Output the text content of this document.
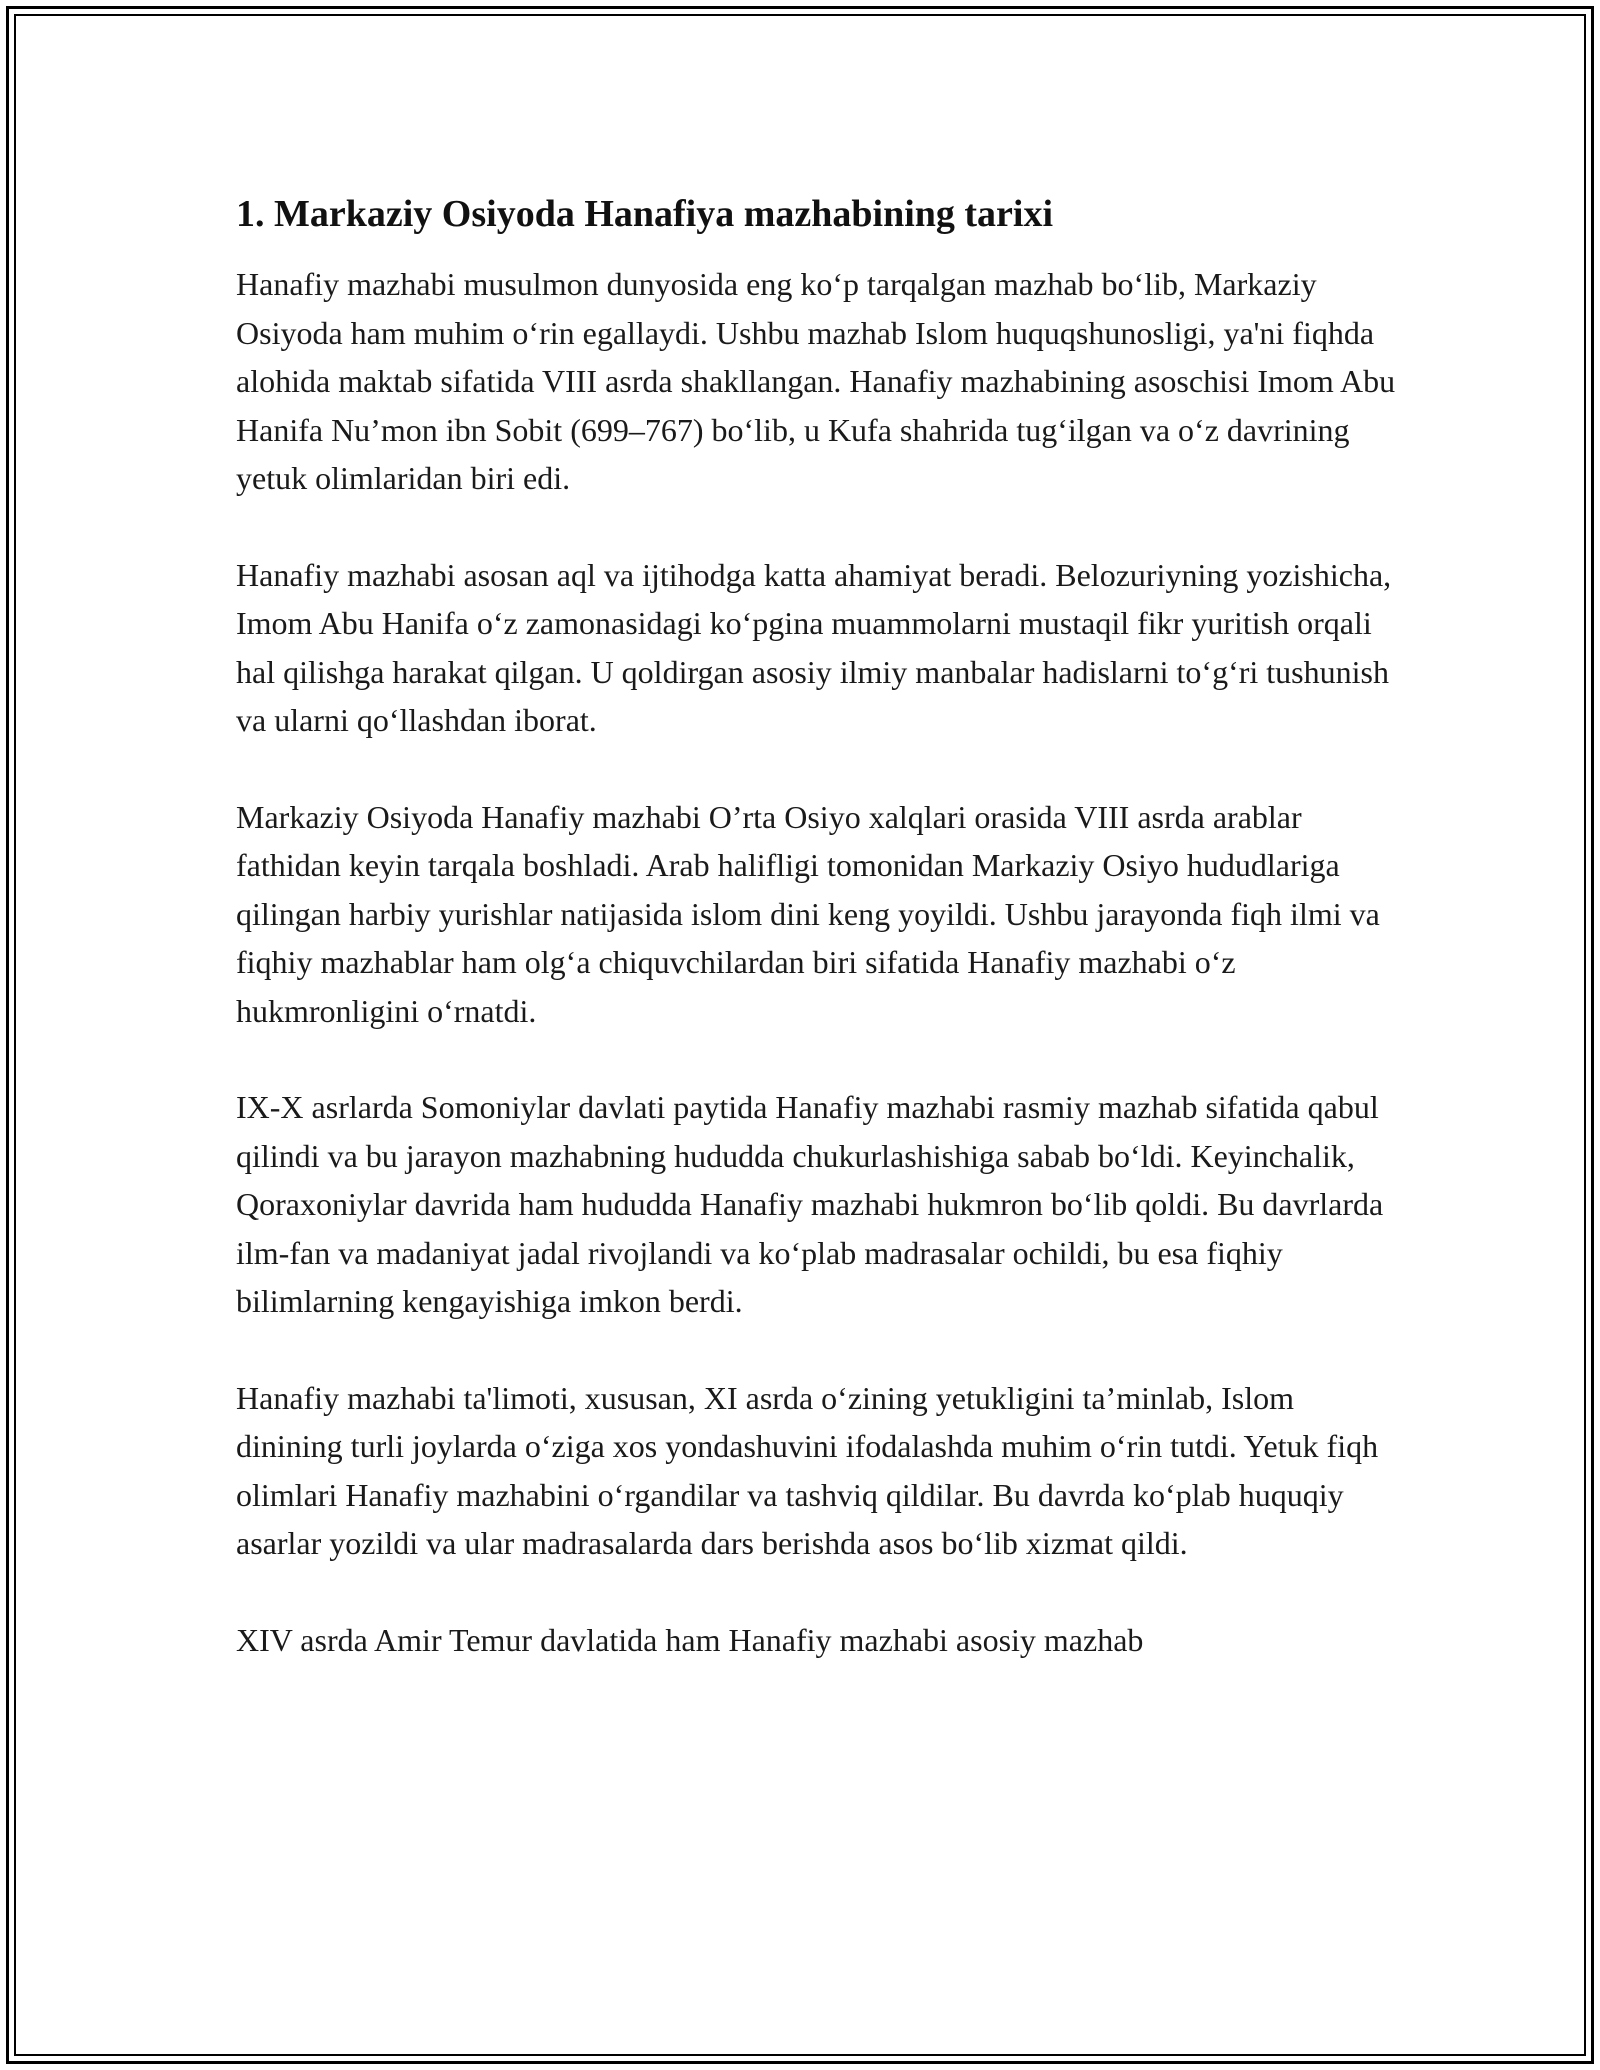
1. Markaziy Osiyoda Hanafiya mazhabining tarixi

Hanafiy mazhabi musulmon dunyosida eng ko‘p tarqalgan mazhab bo‘lib, Markaziy Osiyoda ham muhim o‘rin egallaydi. Ushbu mazhab Islom huquqshunosligi, ya'ni fiqhda alohida maktab sifatida VIII asrda shakllangan. Hanafiy mazhabining asoschisi Imom Abu Hanifa Nu’mon ibn Sobit (699–767) bo‘lib, u Kufa shahrida tug‘ilgan va o‘z davrining yetuk olimlaridan biri edi.

Hanafiy mazhabi asosan aql va ijtihodga katta ahamiyat beradi. Belozuriyning yozishicha, Imom Abu Hanifa o‘z zamonasidagi ko‘pgina muammolarni mustaqil fikr yuritish orqali hal qilishga harakat qilgan. U qoldirgan asosiy ilmiy manbalar hadislarni to‘g‘ri tushunish va ularni qo‘llashdan iborat.

Markaziy Osiyoda Hanafiy mazhabi O’rta Osiyo xalqlari orasida VIII asrda arablar fathidan keyin tarqala boshladi. Arab halifligi tomonidan Markaziy Osiyo hududlariga qilingan harbiy yurishlar natijasida islom dini keng yoyildi. Ushbu jarayonda fiqh ilmi va fiqhiy mazhablar ham olg‘a chiquvchilardan biri sifatida Hanafiy mazhabi o‘z hukmronligini o‘rnatdi.

IX-X asrlarda Somoniylar davlati paytida Hanafiy mazhabi rasmiy mazhab sifatida qabul qilindi va bu jarayon mazhabning hududda chukurlashishiga sabab bo‘ldi. Keyinchalik, Qoraxoniylar davrida ham hududda Hanafiy mazhabi hukmron bo‘lib qoldi. Bu davrlarda ilm-fan va madaniyat jadal rivojlandi va ko‘plab madrasalar ochildi, bu esa fiqhiy bilimlarning kengayishiga imkon berdi.

Hanafiy mazhabi ta'limoti, xususan, XI asrda o‘zining yetukligini ta’minlab, Islom dinining turli joylarda o‘ziga xos yondashuvini ifodalashda muhim o‘rin tutdi. Yetuk fiqh olimlari Hanafiy mazhabini o‘rgandilar va tashviq qildilar. Bu davrda ko‘plab huquqiy asarlar yozildi va ular madrasalarda dars berishda asos bo‘lib xizmat qildi.

XIV asrda Amir Temur davlatida ham Hanafiy mazhabi asosiy mazhab
